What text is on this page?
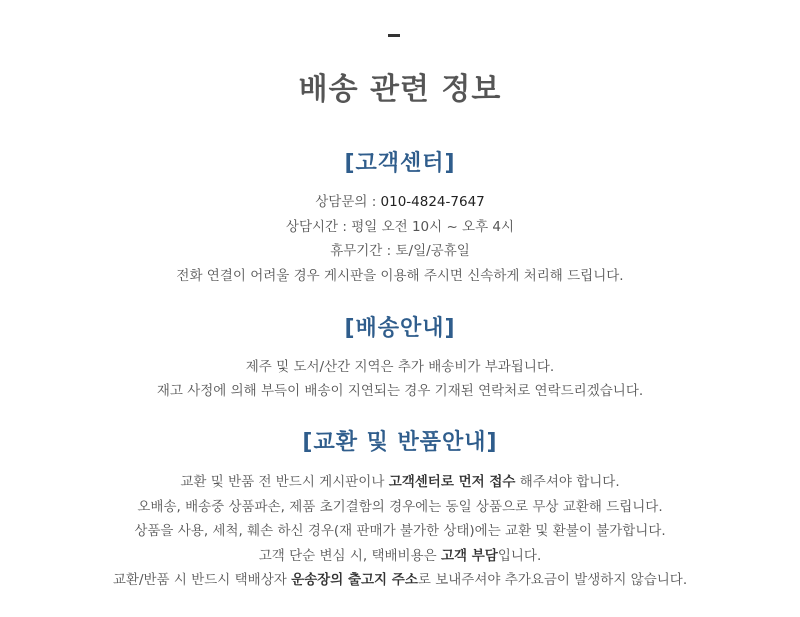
배송 관련 정보
[고객센터]
상담문의 : 010-4824-7647
상담시간 : 평일 오전 10시 ~ 오후 4시
휴무기간 : 토/일/공휴일
전화 연결이 어려울 경우 게시판을 이용해 주시면 신속하게 처리해 드립니다.
[배송안내]
제주 및 도서/산간 지역은 추가 배송비가 부과됩니다.
재고 사정에 의해 부득이 배송이 지연되는 경우 기재된 연락처로 연락드리겠습니다.
[교환 및 반품안내]
교환 및 반품 전 반드시 게시판이나 고객센터로 먼저 접수 해주셔야 합니다.
오배송, 배송중 상품파손, 제품 초기결함의 경우에는 동일 상품으로 무상 교환해 드립니다.
상품을 사용, 세척, 훼손 하신 경우(재 판매가 불가한 상태)에는 교환 및 환불이 불가합니다.
고객 단순 변심 시, 택배비용은 고객 부담입니다.
교환/반품 시 반드시 택배상자 운송장의 출고지 주소로 보내주셔야 추가요금이 발생하지 않습니다.
